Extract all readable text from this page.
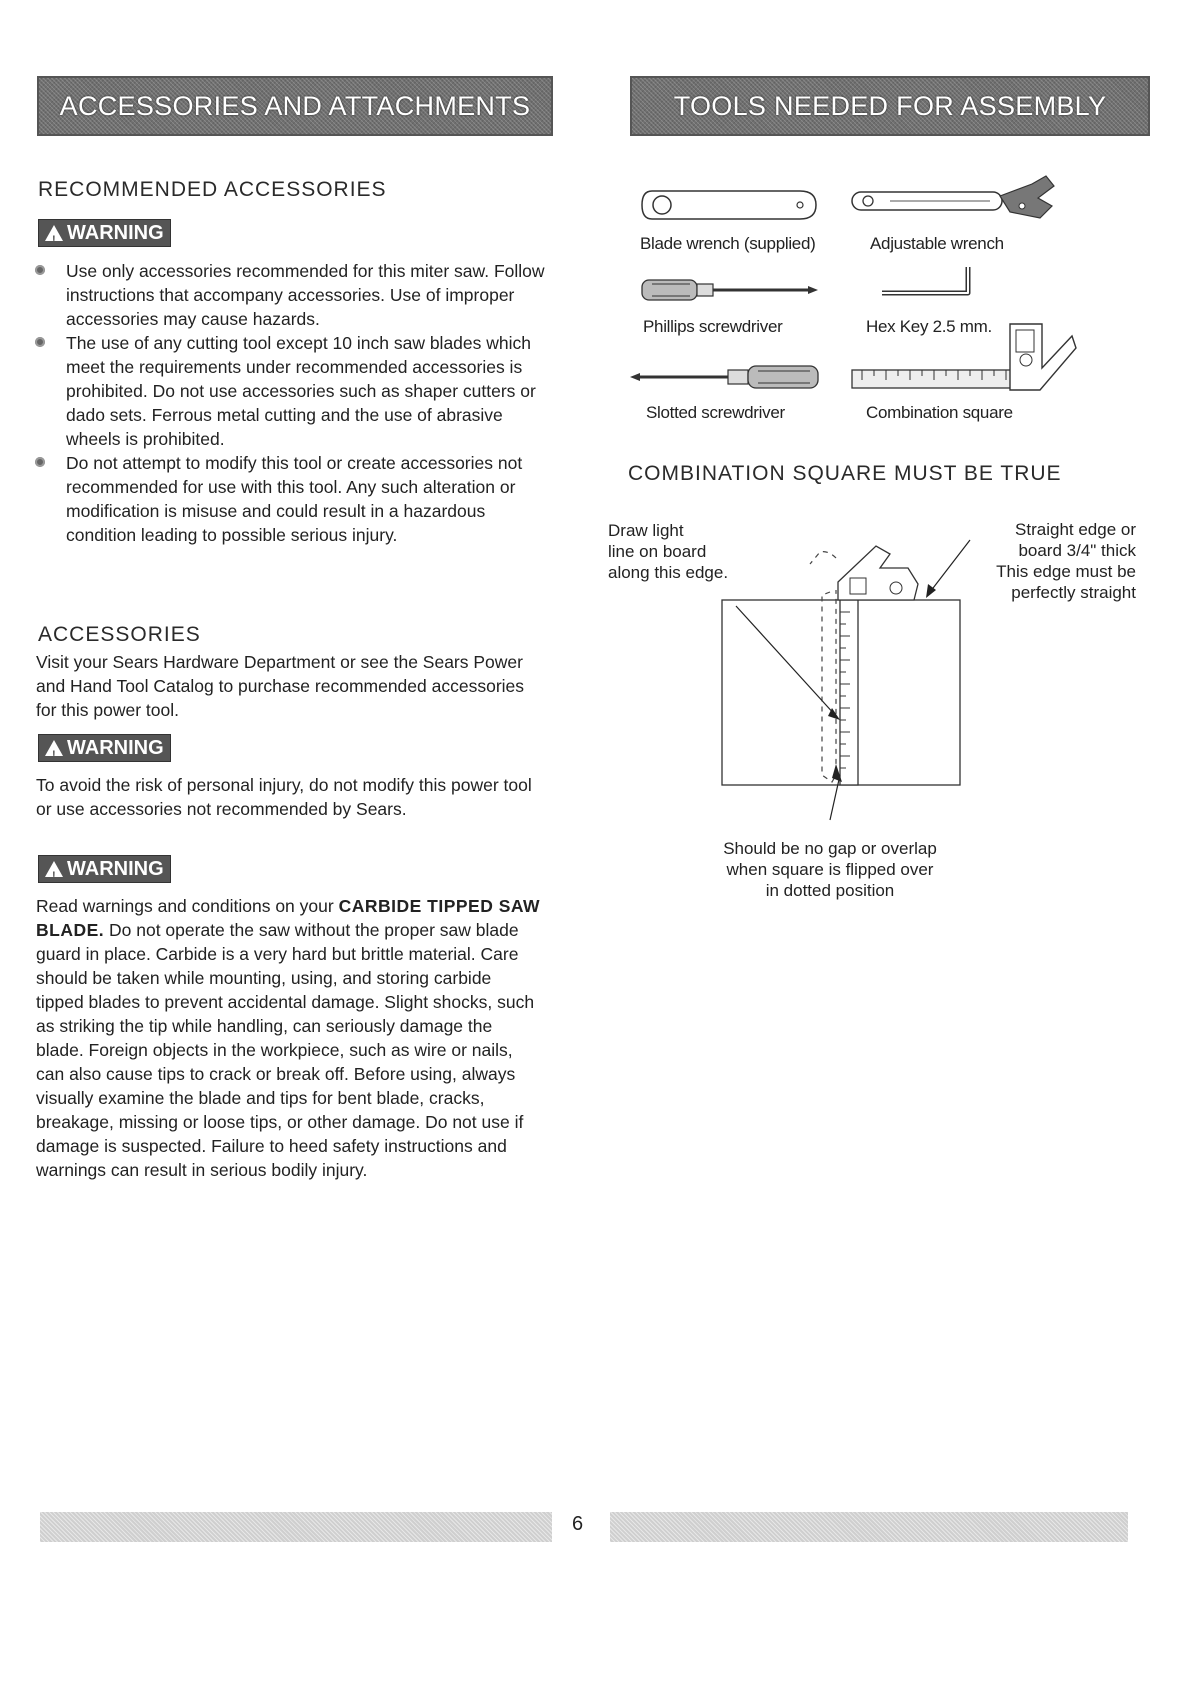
ACCESSORIES AND ATTACHMENTS
RECOMMENDED ACCESSORIES
!
WARNING
Use only accessories recommended for this miter saw. Follow instructions that accompany accessories. Use of improper accessories may cause hazards.
The use of any cutting tool except 10 inch saw blades which meet the requirements under recommended accessories is prohibited. Do not use accessories such as shaper cutters or dado sets. Ferrous metal cutting and the use of abrasive wheels is prohibited.
Do not attempt to modify this tool or create accessories not recommended for use with this tool. Any such alteration or modification is misuse and could result in a hazardous condition leading to possible serious injury.
ACCESSORIES
Visit your Sears Hardware Department or see the Sears Power and Hand Tool Catalog to purchase recommended accessories for this power tool.
!
WARNING
To avoid the risk of personal injury, do not modify this power tool or use accessories not recommended by Sears.
!
WARNING
Read warnings and conditions on your CARBIDE TIPPED SAW BLADE. Do not operate the saw without the proper saw blade guard in place. Carbide is a very hard but brittle material. Care should be taken while mounting, using, and storing carbide tipped blades to prevent accidental damage. Slight shocks, such as striking the tip while handling, can seriously damage the blade. Foreign objects in the workpiece, such as wire or nails, can also cause tips to crack or break off. Before using, always visually examine the blade and tips for bent blade, cracks, breakage, missing or loose tips, or other damage. Do not use if damage is suspected. Failure to heed safety instructions and warnings can result in serious bodily injury.
TOOLS NEEDED FOR ASSEMBLY
Blade wrench (supplied)	Adjustable wrench
Phillips screwdriver	Hex Key 2.5 mm.
Slotted screwdriver	Combination square
COMBINATION SQUARE MUST BE TRUE
Draw light
line on board
along this edge.
Straight edge or
board 3/4" thick
This edge must be
perfectly straight
Should be no gap or overlap
when square is flipped over
in dotted position
6
